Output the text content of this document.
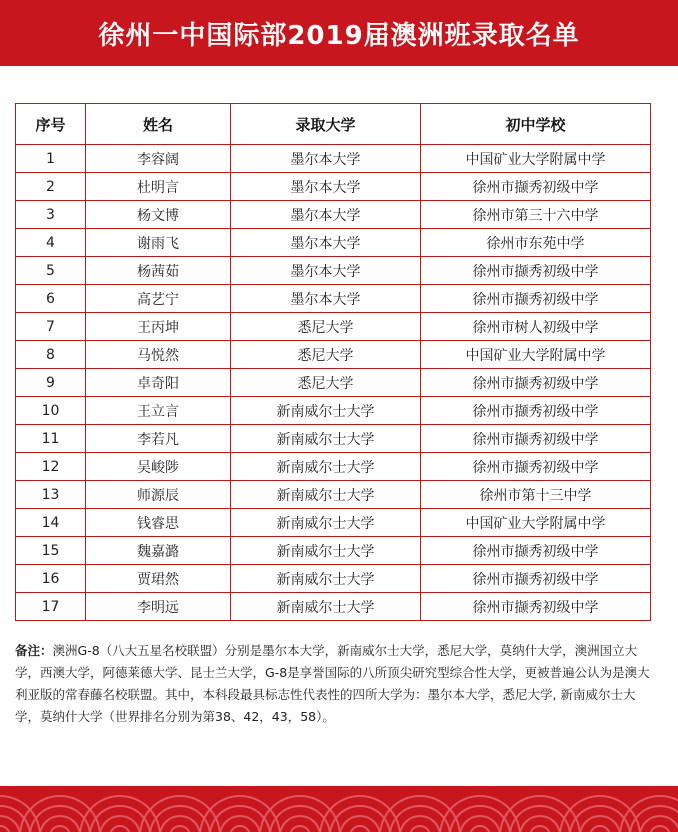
徐州一中国际部2019届澳洲班录取名单
序号	姓名	录取大学	初中学校
1	李容阔	墨尔本大学	中国矿业大学附属中学
2	杜明言	墨尔本大学	徐州市撷秀初级中学
3	杨文博	墨尔本大学	徐州市第三十六中学
4	谢雨飞	墨尔本大学	徐州市东苑中学
5	杨茜茹	墨尔本大学	徐州市撷秀初级中学
6	高艺宁	墨尔本大学	徐州市撷秀初级中学
7	王丙坤	悉尼大学	徐州市树人初级中学
8	马悦然	悉尼大学	中国矿业大学附属中学
9	卓奇阳	悉尼大学	徐州市撷秀初级中学
10	王立言	新南威尔士大学	徐州市撷秀初级中学
11	李若凡	新南威尔士大学	徐州市撷秀初级中学
12	吴峻陟	新南威尔士大学	徐州市撷秀初级中学
13	师源辰	新南威尔士大学	徐州市第十三中学
14	钱睿思	新南威尔士大学	中国矿业大学附属中学
15	魏嘉潞	新南威尔士大学	徐州市撷秀初级中学
16	贾珺然	新南威尔士大学	徐州市撷秀初级中学
17	李明远	新南威尔士大学	徐州市撷秀初级中学
备注：澳洲G-8（八大五星名校联盟）分别是墨尔本大学，新南威尔士大学，悉尼大学，莫纳什大学，澳洲国立大学，西澳大学，阿德莱德大学、昆士兰大学，G-8是享誉国际的八所顶尖研究型综合性大学，更被普遍公认为是澳大利亚版的常春藤名校联盟。其中，本科段最具标志性代表性的四所大学为：墨尔本大学，悉尼大学, 新南威尔士大学，莫纳什大学（世界排名分别为第38、42，43，58）。
